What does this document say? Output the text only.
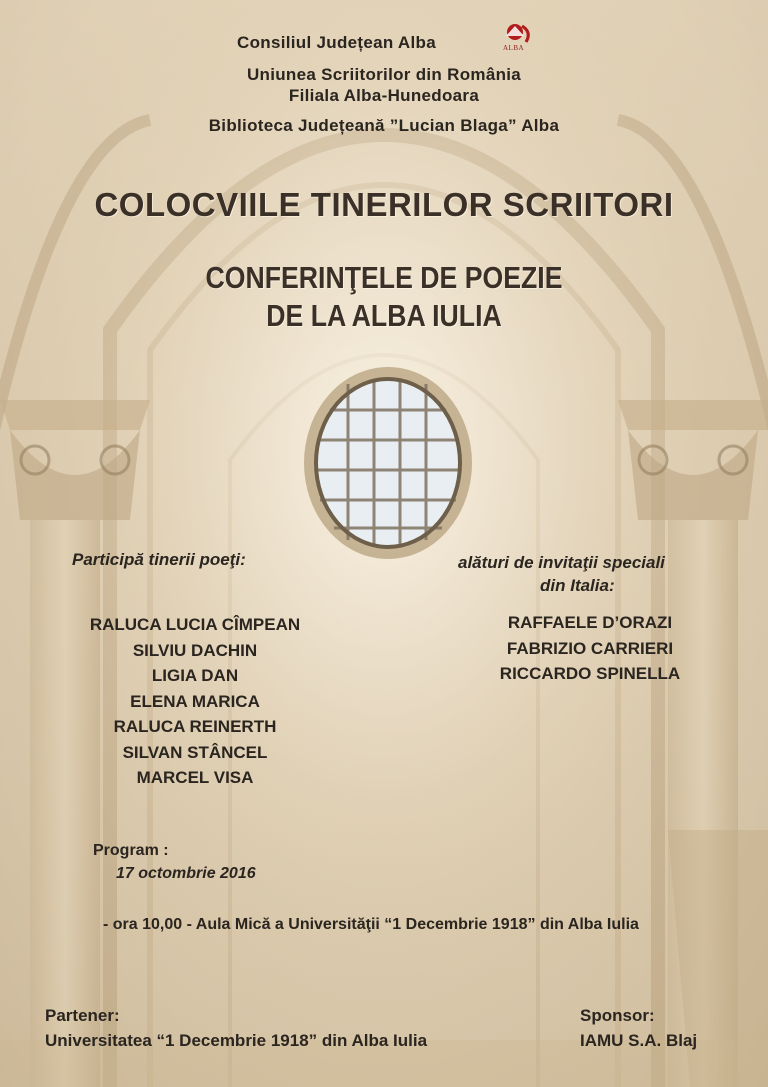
ALBA
Consiliul Județean Alba
Uniunea Scriitorilor din România
Filiala Alba-Hunedoara
Biblioteca Județeană ”Lucian Blaga” Alba
COLOCVIILE TINERILOR SCRIITORI
CONFERINŢELE DE POEZIE
DE LA ALBA IULIA
Participă tinerii poeţi:
RALUCA LUCIA CÎMPEAN
SILVIU DACHIN
LIGIA DAN
ELENA MARICA
RALUCA REINERTH
SILVAN STÂNCEL
MARCEL VISA
alături de invitaţii speciali
din Italia:
RAFFAELE D’ORAZI
FABRIZIO CARRIERI
RICCARDO SPINELLA
Program :
17 octombrie 2016
- ora 10,00 - Aula Mică a Universităţii “1 Decembrie 1918” din Alba Iulia
Partener:
Universitatea “1 Decembrie 1918” din Alba Iulia
Sponsor:
IAMU S.A. Blaj
